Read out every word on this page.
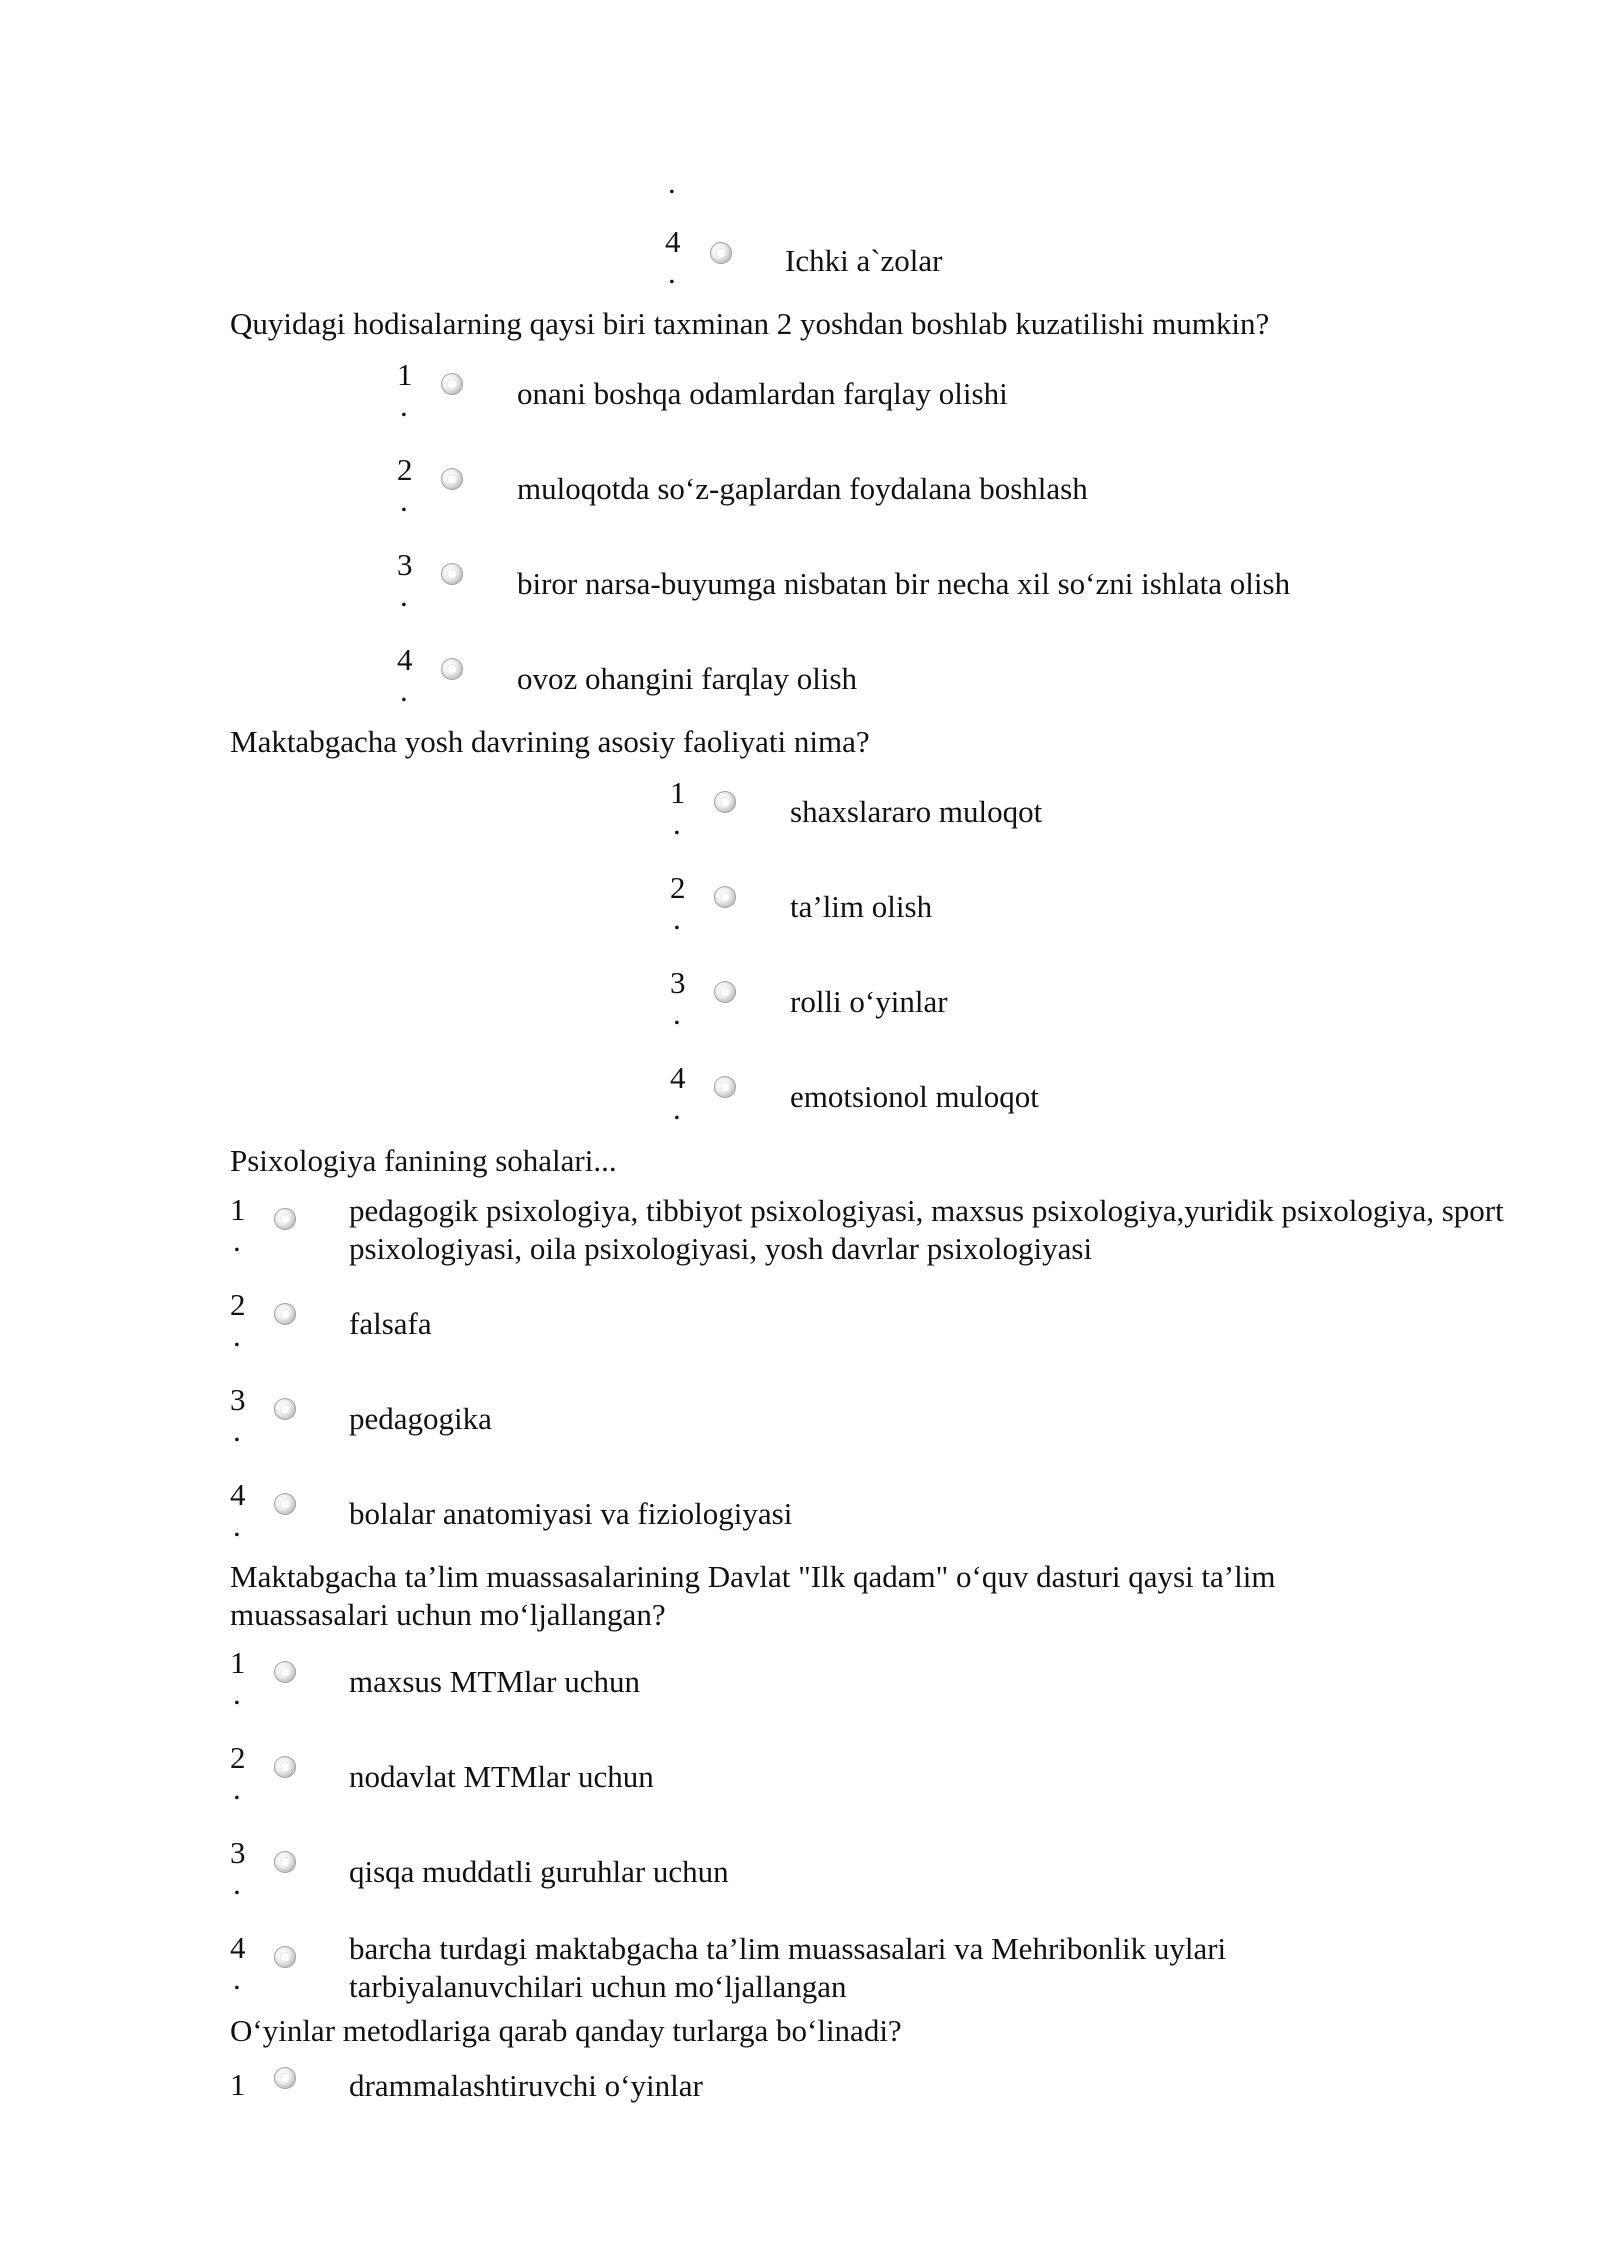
.
4
.	Ichki a`zolar
Quyidagi hodisalarning qaysi biri taxminan 2 yoshdan boshlab kuzatilishi mumkin?
1
.	onani boshqa odamlardan farqlay olishi
2
.	muloqotda so‘z-gaplardan foydalana boshlash
3
.	biror narsa-buyumga nisbatan bir necha xil so‘zni ishlata olish
4
.	ovoz ohangini farqlay olish
Maktabgacha yosh davrining asosiy faoliyati nima?
1
.	shaxslararo muloqot
2
.	ta’lim olish
3
.	rolli o‘yinlar
4
.	emotsionol muloqot
Psixologiya fanining sohalari...
1
.
pedagogik psixologiya, tibbiyot psixologiyasi, maxsus psixologiya,yuridik psixologiya, sport psixologiyasi, oila psixologiyasi, yosh davrlar psixologiyasi
2
.	falsafa
3
.	pedagogika
4
.	bolalar anatomiyasi va fiziologiyasi
Maktabgacha ta’lim muassasalarining Davlat "Ilk qadam" o‘quv dasturi qaysi ta’lim muassasalari uchun mo‘ljallangan?
1
.	maxsus MTMlar uchun
2
.	nodavlat MTMlar uchun
3
.	qisqa muddatli guruhlar uchun
4
.
barcha turdagi maktabgacha ta’lim muassasalari va Mehribonlik uylari tarbiyalanuvchilari uchun mo‘ljallangan
O‘yinlar metodlariga qarab qanday turlarga bo‘linadi?
1	drammalashtiruvchi o‘yinlar
